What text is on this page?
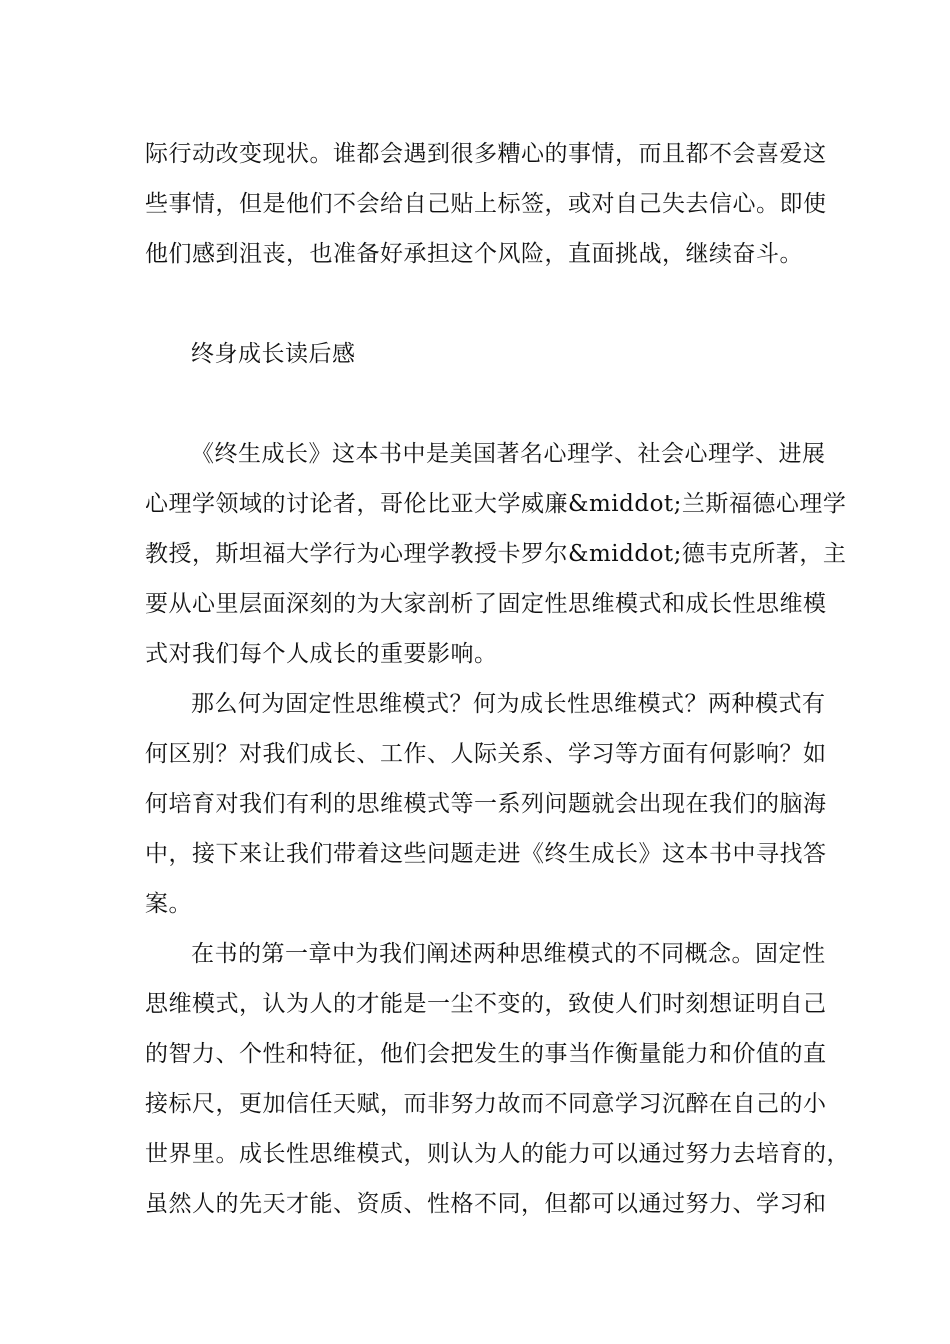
际行动改变现状。谁都会遇到很多糟心的事情，而且都不会喜爱这
些事情，但是他们不会给自己贴上标签，或对自己失去信心。即使
他们感到沮丧，也准备好承担这个风险，直面挑战，继续奋斗。
终身成长读后感
《终生成长》这本书中是美国著名心理学、社会心理学、进展
心理学领域的讨论者，哥伦比亚大学威廉&middot;兰斯福德心理学
教授，斯坦福大学行为心理学教授卡罗尔&middot;德韦克所著，主
要从心里层面深刻的为大家剖析了固定性思维模式和成长性思维模
式对我们每个人成长的重要影响。
那么何为固定性思维模式？何为成长性思维模式？两种模式有
何区别？对我们成长、工作、人际关系、学习等方面有何影响？如
何培育对我们有利的思维模式等一系列问题就会出现在我们的脑海
中，接下来让我们带着这些问题走进《终生成长》这本书中寻找答
案。
在书的第一章中为我们阐述两种思维模式的不同概念。固定性
思维模式，认为人的才能是一尘不变的，致使人们时刻想证明自己
的智力、个性和特征，他们会把发生的事当作衡量能力和价值的直
接标尺，更加信任天赋，而非努力故而不同意学习沉醉在自己的小
世界里。成长性思维模式，则认为人的能力可以通过努力去培育的，
虽然人的先天才能、资质、性格不同，但都可以通过努力、学习和
